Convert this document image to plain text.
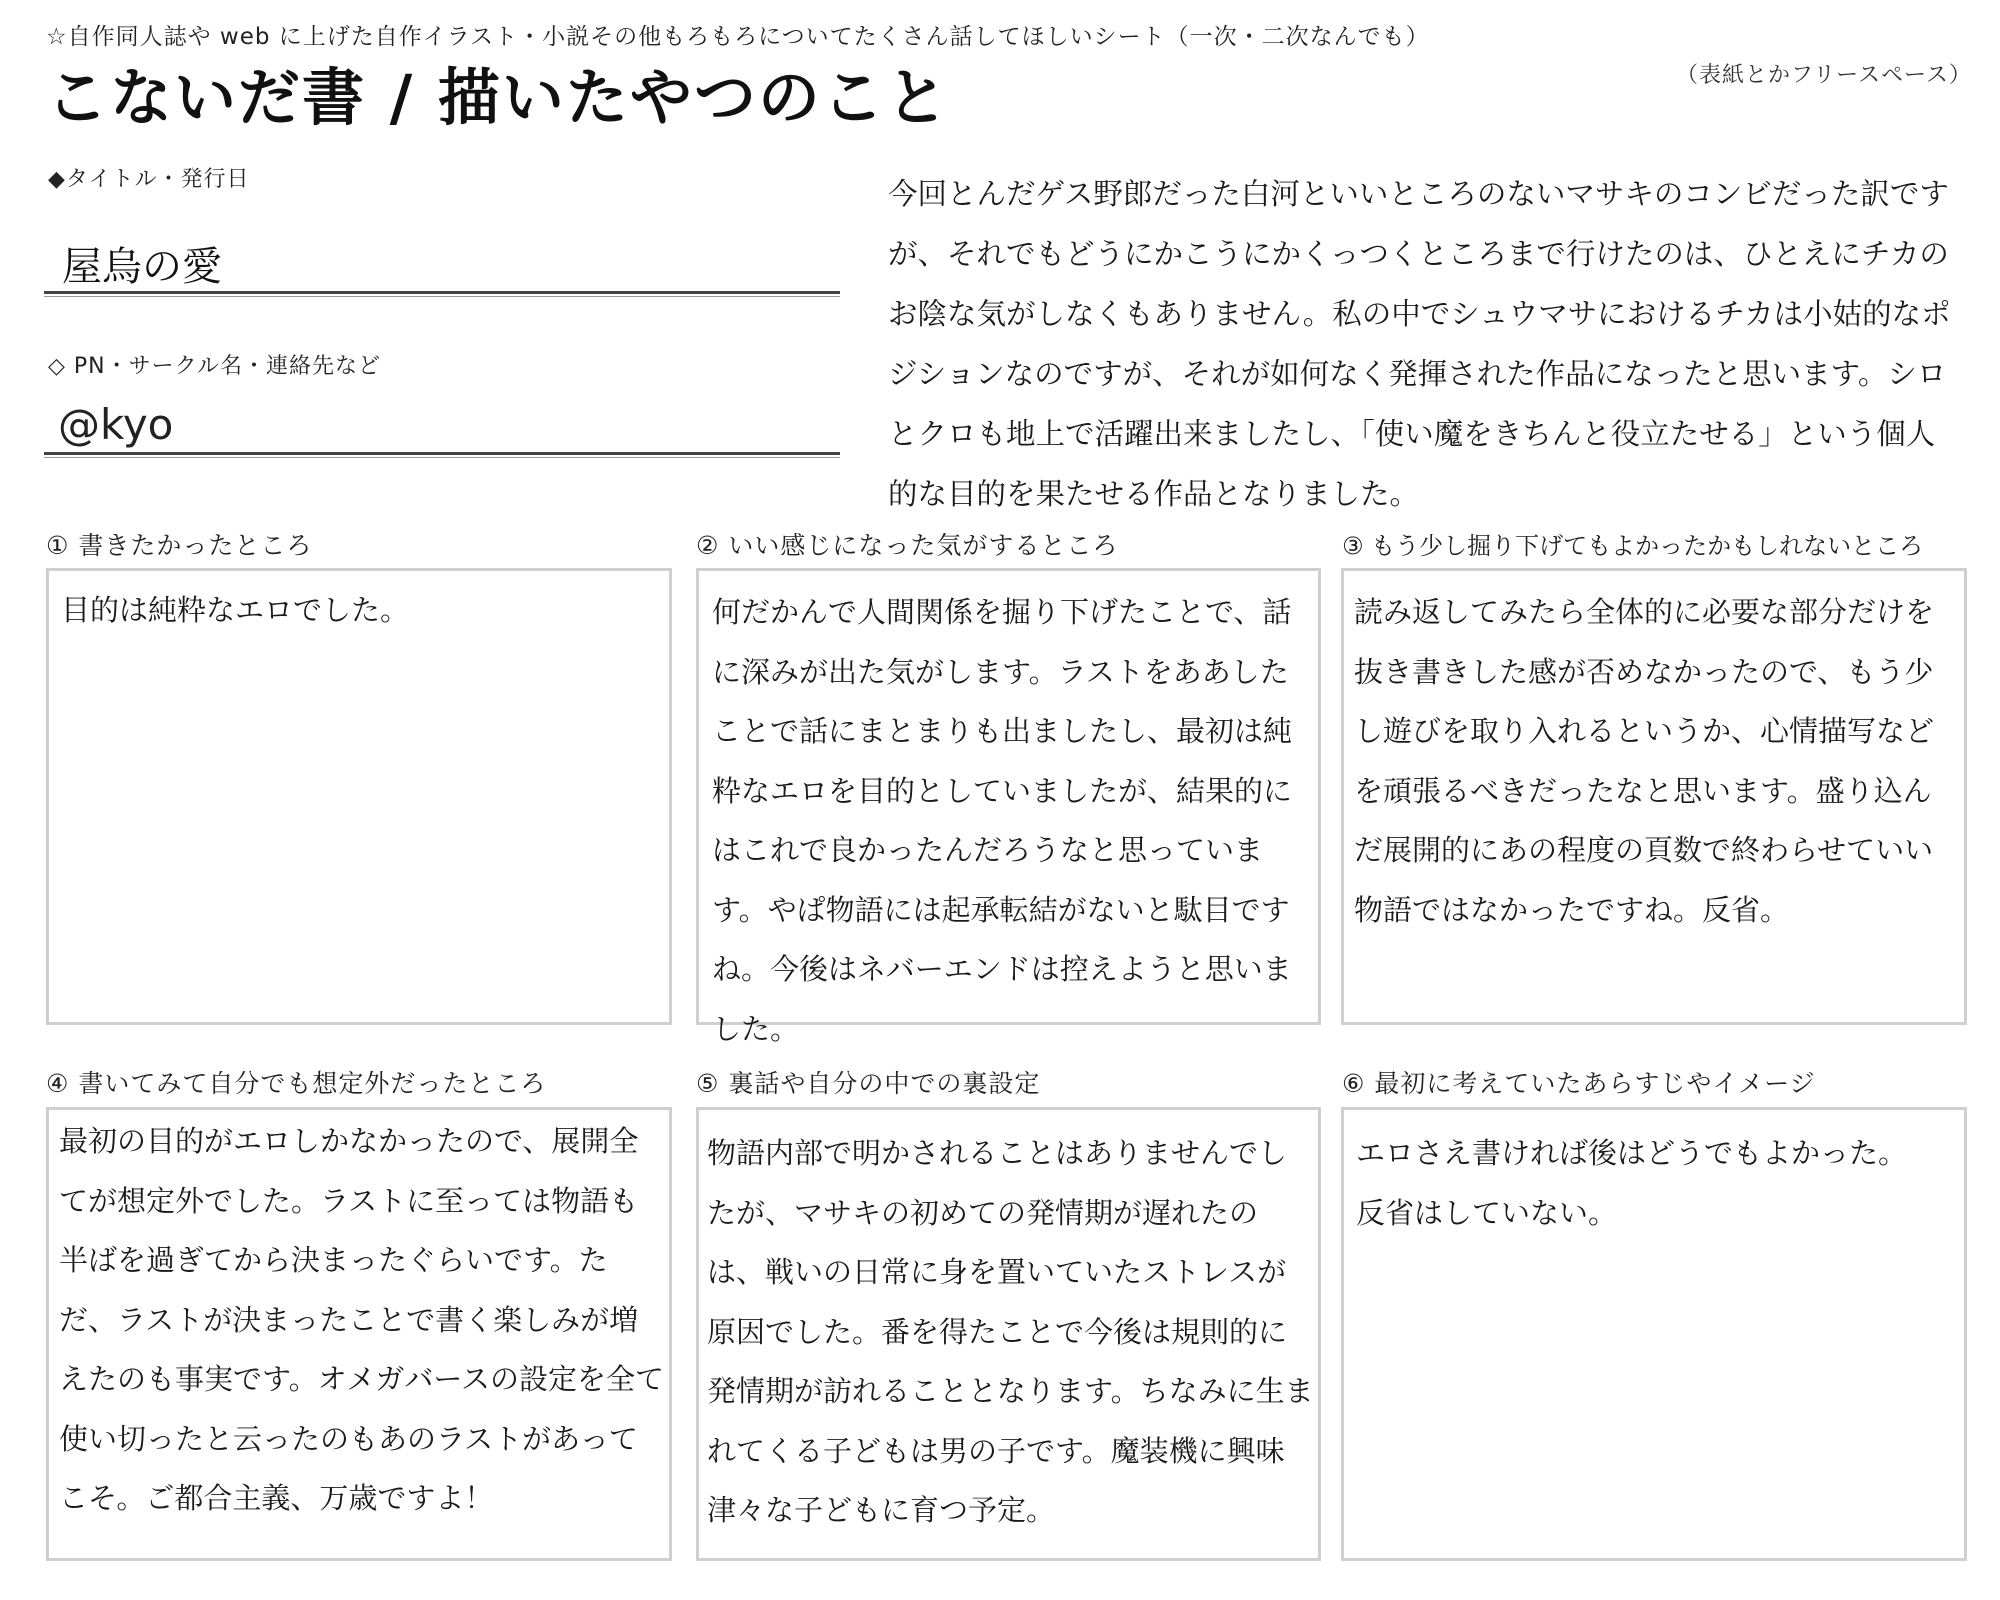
☆自作同人誌や web に上げた自作イラスト・小説その他もろもろについてたくさん話してほしいシート（一次・二次なんでも）
こないだ書 / 描いたやつのこと	（表紙とかフリースペース）
◆タイトル・発行日
屋烏の愛
◇ PN・サークル名・連絡先など
@kyo
今回とんだゲス野郎だった白河といいところのないマサキのコンビだった訳ですが、それでもどうにかこうにかくっつくところまで行けたのは、ひとえにチカのお陰な気がしなくもありません。私の中でシュウマサにおけるチカは小姑的なポジションなのですが、それが如何なく発揮された作品になったと思います。シロとクロも地上で活躍出来ましたし、「使い魔をきちんと役立たせる」という個人的な目的を果たせる作品となりました。
① 書きたかったところ
目的は純粋なエロでした。
② いい感じになった気がするところ
何だかんで人間関係を掘り下げたことで、話に深みが出た気がします。ラストをああしたことで話にまとまりも出ましたし、最初は純粋なエロを目的としていましたが、結果的にはこれで良かったんだろうなと思っています。やぱ物語には起承転結がないと駄目ですね。今後はネバーエンドは控えようと思いました。
③ もう少し掘り下げてもよかったかもしれないところ
読み返してみたら全体的に必要な部分だけを抜き書きした感が否めなかったので、もう少し遊びを取り入れるというか、心情描写などを頑張るべきだったなと思います。盛り込んだ展開的にあの程度の頁数で終わらせていい物語ではなかったですね。反省。
④ 書いてみて自分でも想定外だったところ
最初の目的がエロしかなかったので、展開全てが想定外でした。ラストに至っては物語も半ばを過ぎてから決まったぐらいです。ただ、ラストが決まったことで書く楽しみが増えたのも事実です。オメガバースの設定を全て使い切ったと云ったのもあのラストがあってこそ。ご都合主義、万歳ですよ！
⑤ 裏話や自分の中での裏設定
物語内部で明かされることはありませんでしたが、マサキの初めての発情期が遅れたのは、戦いの日常に身を置いていたストレスが原因でした。番を得たことで今後は規則的に発情期が訪れることとなります。ちなみに生まれてくる子どもは男の子です。魔装機に興味津々な子どもに育つ予定。
⑥ 最初に考えていたあらすじやイメージ
エロさえ書ければ後はどうでもよかった。
反省はしていない。
